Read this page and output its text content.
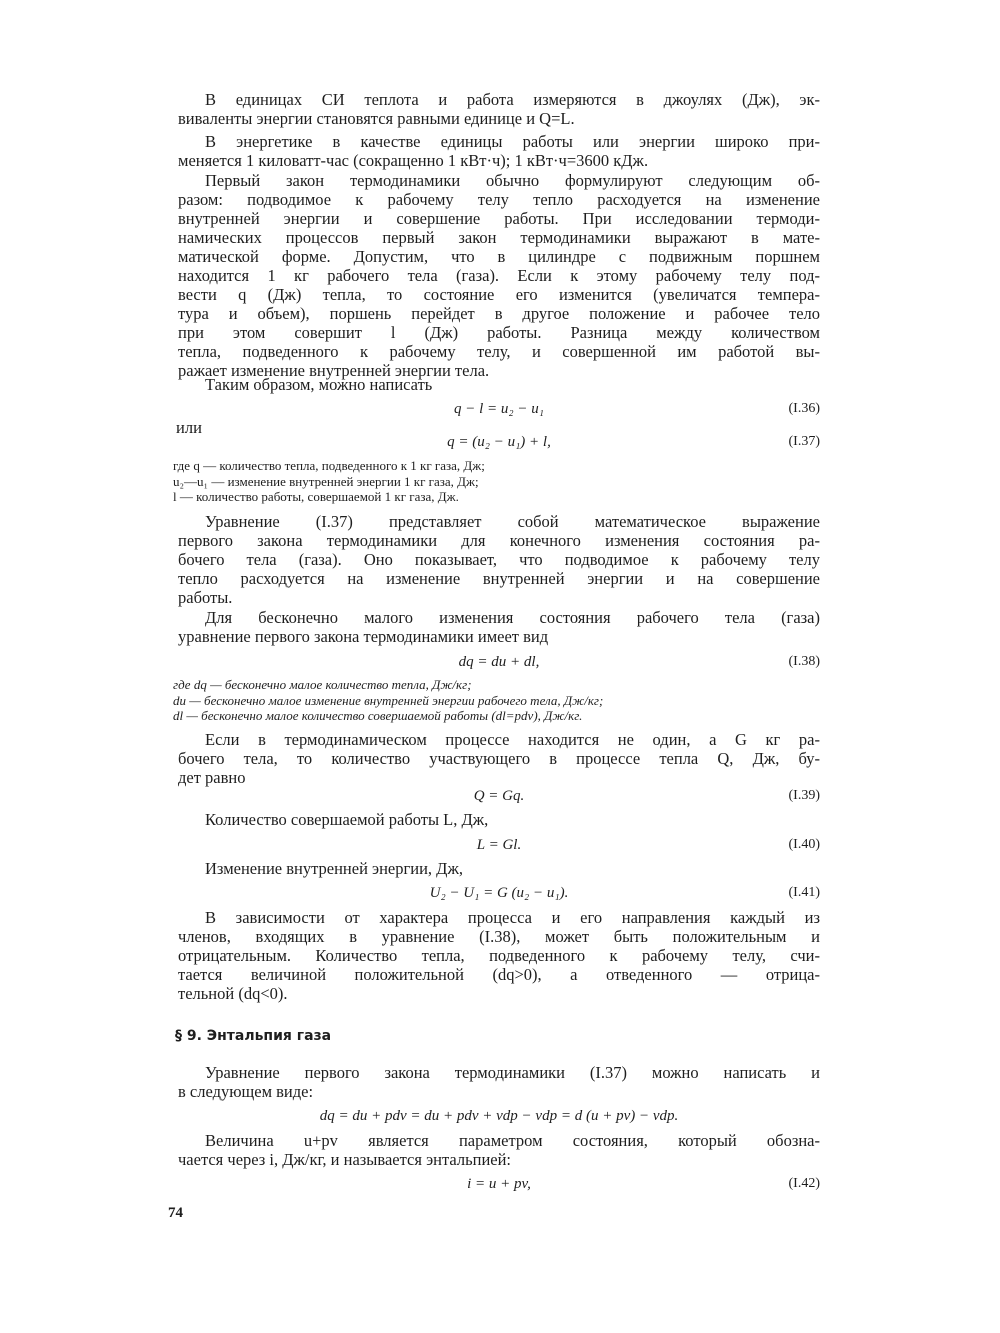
В единицах СИ теплота и работа измеряются в джоулях (Дж), эк-
виваленты энергии становятся равными единице и Q=L.
В энергетике в качестве единицы работы или энергии широко при-
меняется 1 киловатт-час (сокращенно 1 кВт·ч); 1 кВт·ч=3600 кДж.
Первый закон термодинамики обычно формулируют следующим об-
разом: подводимое к рабочему телу тепло расходуется на изменение
внутренней энергии и совершение работы. При исследовании термоди-
намических процессов первый закон термодинамики выражают в мате-
матической форме. Допустим, что в цилиндре с подвижным поршнем
находится 1 кг рабочего тела (газа). Если к этому рабочему телу под-
вести q (Дж) тепла, то состояние его изменится (увеличатся темпера-
тура и объем), поршень перейдет в другое положение и рабочее тело
при этом совершит l (Дж) работы. Разница между количеством
тепла, подведенного к рабочему телу, и совершенной им работой вы-
ражает изменение внутренней энергии тела.
Таким образом, можно написать
q − l = u₂ − u₁	(I.36)
или
q = (u₂ − u₁) + l,	(I.37)
где q — количество тепла, подведенного к 1 кг газа, Дж;
u₂—u₁ — изменение внутренней энергии 1 кг газа, Дж;
l — количество работы, совершаемой 1 кг газа, Дж.
Уравнение (I.37) представляет собой математическое выражение
первого закона термодинамики для конечного изменения состояния ра-
бочего тела (газа). Оно показывает, что подводимое к рабочему телу
тепло расходуется на изменение внутренней энергии и на совершение
работы.
Для бесконечно малого изменения состояния рабочего тела (газа)
уравнение первого закона термодинамики имеет вид
dq = du + dl,	(I.38)
где dq — бесконечно малое количество тепла, Дж/кг;
du — бесконечно малое изменение внутренней энергии рабочего тела, Дж/кг;
dl — бесконечно малое количество совершаемой работы (dl=pdv), Дж/кг.
Если в термодинамическом процессе находится не один, а G кг ра-
бочего тела, то количество участвующего в процессе тепла Q, Дж, бу-
дет равно
Q = Gq.	(I.39)
Количество совершаемой работы L, Дж,
L = Gl.	(I.40)
Изменение внутренней энергии, Дж,
U₂ − U₁ = G (u₂ − u₁).	(I.41)
В зависимости от характера процесса и его направления каждый из
членов, входящих в уравнение (I.38), может быть положительным и
отрицательным. Количество тепла, подведенного к рабочему телу, счи-
тается величиной положительной (dq>0), а отведенного — отрица-
тельной (dq<0).
§ 9. Энтальпия газа
Уравнение первого закона термодинамики (I.37) можно написать и
в следующем виде:
dq = du + pdv = du + pdv + vdp − vdp = d (u + pv) − vdp.
Величина u+pv является параметром состояния, который обозна-
чается через i, Дж/кг, и называется энтальпией:
i = u + pv,	(I.42)
74
